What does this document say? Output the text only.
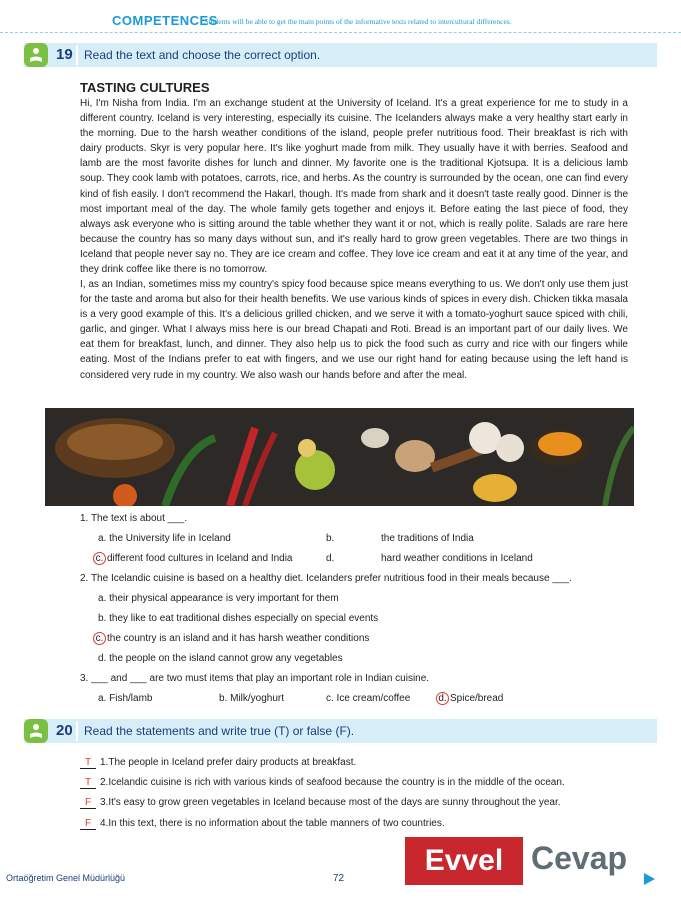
COMPETENCES
• Students will be able to get the main points of the informative texts related to intercultural differences.
19 Read the text and choose the correct option.
TASTING CULTURES

Hi, I'm Nisha from India. I'm an exchange student at the University of Iceland. It's a great experience for me to study in a different country. Iceland is very interesting, especially its cuisine. The Icelanders always make a very healthy start early in the morning. Due to the harsh weather conditions of the island, people prefer nutritious food. Their breakfast is rich with dairy products. Skyr is very popular here. It's like yoghurt made from milk. They usually have it with berries. Seafood and lamb are the most favorite dishes for lunch and dinner. My favorite one is the traditional Kjotsupa. It is a delicious lamb soup. They cook lamb with potatoes, carrots, rice, and herbs. As the country is surrounded by the ocean, one can find every kind of fish easily. I don't recommend the Hakarl, though. It's made from shark and it doesn't taste really good. Dinner is the most important meal of the day. The whole family gets together and enjoys it. Before eating the last piece of food, they always ask everyone who is sitting around the table whether they want it or not, which is really polite. Salads are rare here because the country has so many days without sun, and it's really hard to grow green vegetables. There are two things in Iceland that people never say no. They are ice cream and coffee. They love ice cream and eat it at any time of the year, and they drink coffee like there is no tomorrow.

I, as an Indian, sometimes miss my country's spicy food because spice means everything to us. We don't only use them just for the taste and aroma but also for their health benefits. We use various kinds of spices in every dish. Chicken tikka masala is a very good example of this. It's a delicious grilled chicken, and we serve it with a tomato-yoghurt sauce spiced with chili, garlic, and ginger. What I always miss here is our bread Chapati and Roti. Bread is an important part of our daily lives. We eat them for breakfast, lunch, and dinner. They also help us to pick the food such as curry and rice with our fingers while eating. Most of the Indians prefer to eat with fingers, and we use our right hand for eating because using the left hand is considered very rude in my country. We also wash our hands before and after the meal.

1. The text is about ___.
a. the University life in Iceland	b.	the traditions of India
c. different food cultures in Iceland and India	d.	hard weather conditions in Iceland
2. The Icelandic cuisine is based on a healthy diet. Icelanders prefer nutritious food in their meals because ___.
a. their physical appearance is very important for them
b. they like to eat traditional dishes especially on special events
c. the country is an island and it has harsh weather conditions
d. the people on the island cannot grow any vegetables
3. ___ and ___ are two must items that play an important role in Indian cuisine.
a. Fish/lamb	b. Milk/yoghurt	c. Ice cream/coffee	d. Spice/bread
20 Read the statements and write true (T) or false (F).
T 1.The people in Iceland prefer dairy products at breakfast.
T 2.Icelandic cuisine is rich with various kinds of seafood because the country is in the middle of the ocean.
F 3.It's easy to grow green vegetables in Iceland because most of the days are sunny throughout the year.
F 4.In this text, there is no information about the table manners of two countries.
Evvel Cevap
Ortaöğretim Genel Müdürlüğü	72
